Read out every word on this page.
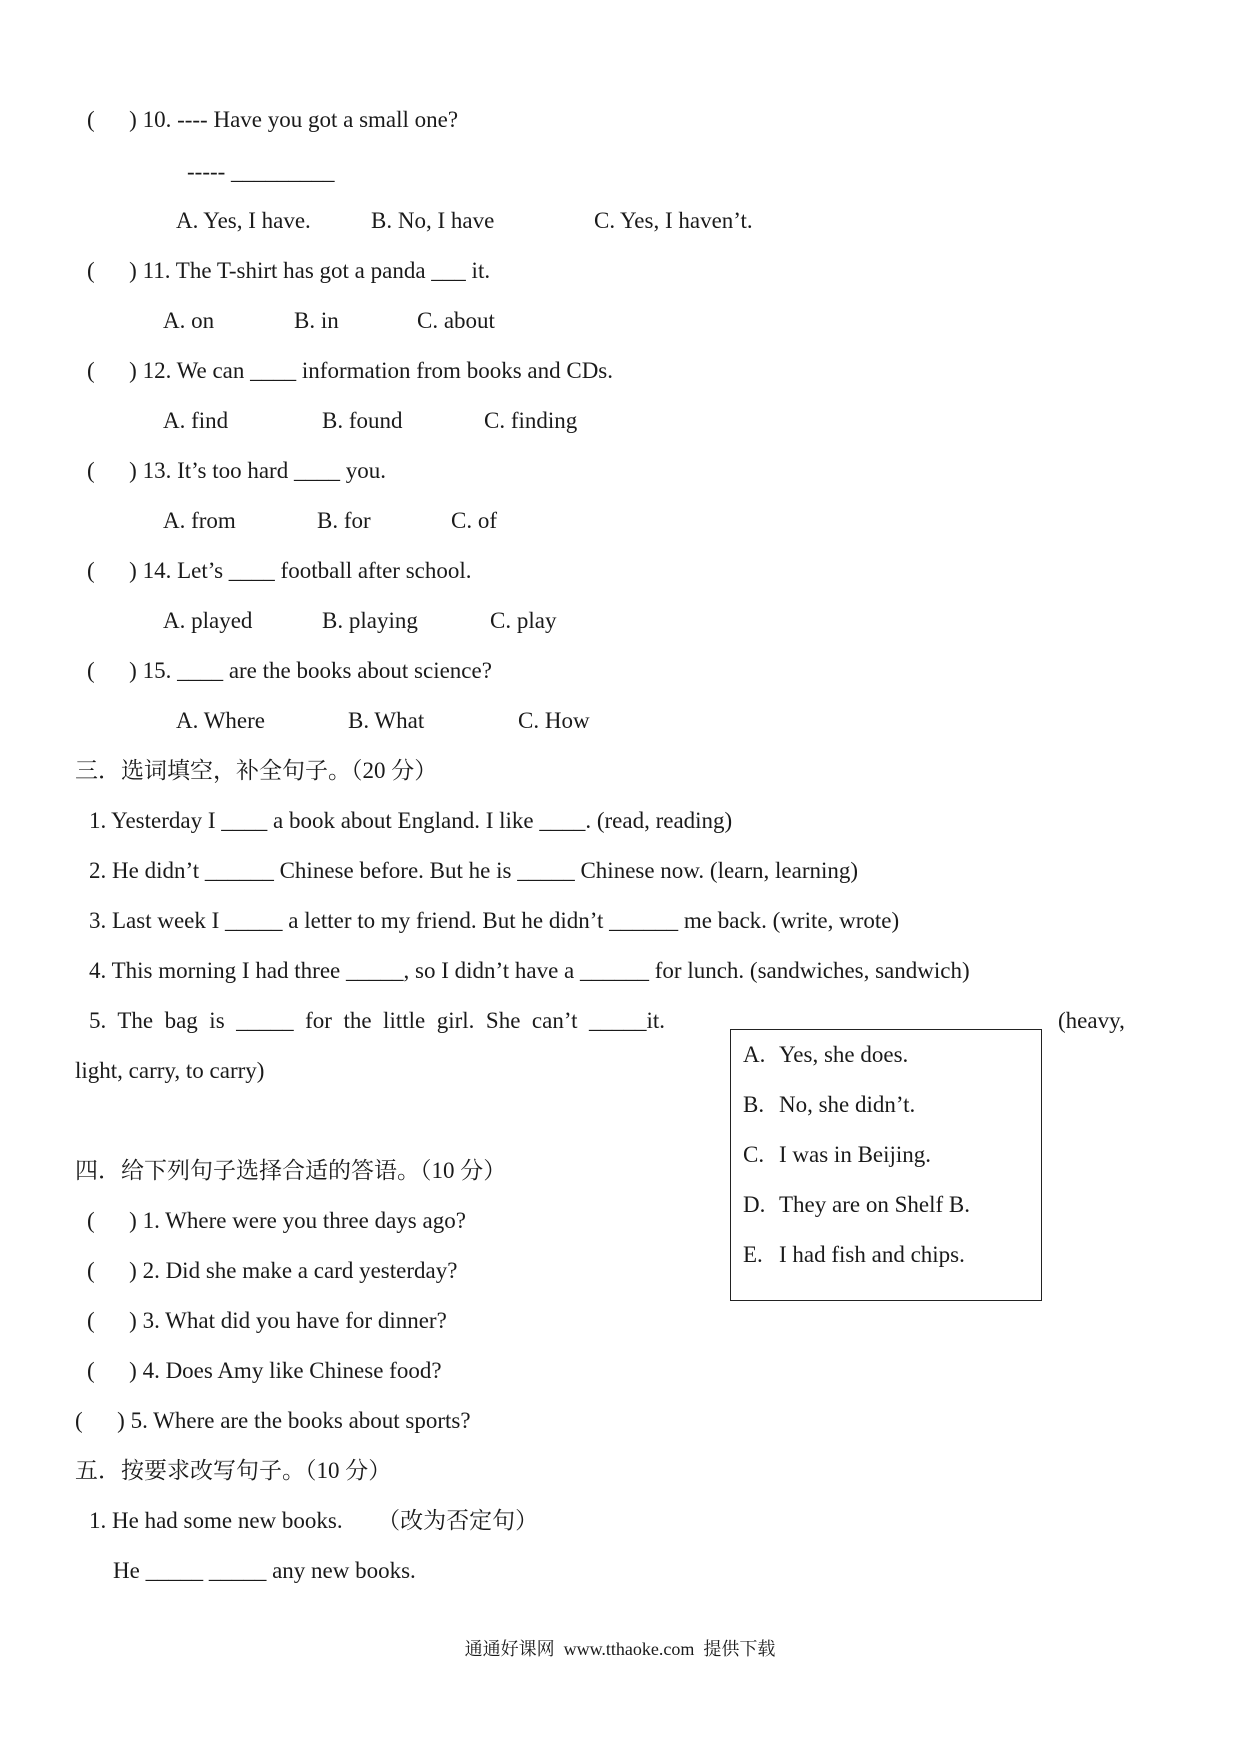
(      ) 10. ---- Have you got a small one?
----- _________
A. Yes, I have.	B. No, I have	C. Yes, I haven’t.
(      ) 11. The T-shirt has got a panda ___ it.
A. on	B. in	C. about
(      ) 12. We can ____ information from books and CDs.
A. find	B. found	C. finding
(      ) 13. It’s too hard ____ you.
A. from	B. for	C. of
(      ) 14. Let’s ____ football after school.
A. played	B. playing	C. play
(      ) 15. ____ are the books about science?
A. Where	B. What	C. How
三．选词填空，补全句子。（20 分）
1. Yesterday I ____ a book about England. I like ____. (read, reading)
2. He didn’t ______ Chinese before. But he is _____ Chinese now. (learn, learning)
3. Last week I _____ a letter to my friend. But he didn’t ______ me back. (write, wrote)
4. This morning I had three _____, so I didn’t have a ______ for lunch. (sandwiches, sandwich)
5.  The  bag  is  _____  for  the  little  girl.  She  can’t  _____it.	(heavy,
light, carry, to carry)
A. Yes, she does.
B. No, she didn’t.
C. I was in Beijing.
D. They are on Shelf B.
E. I had fish and chips.
四．给下列句子选择合适的答语。（10 分）
(      ) 1. Where were you three days ago?
(      ) 2. Did she make a card yesterday?
(      ) 3. What did you have for dinner?
(      ) 4. Does Amy like Chinese food?
(      ) 5. Where are the books about sports?
五．按要求改写句子。（10 分）
1. He had some new books.      （改为否定句）
He _____ _____ any new books.
通通好课网  www.tthaoke.com  提供下载
